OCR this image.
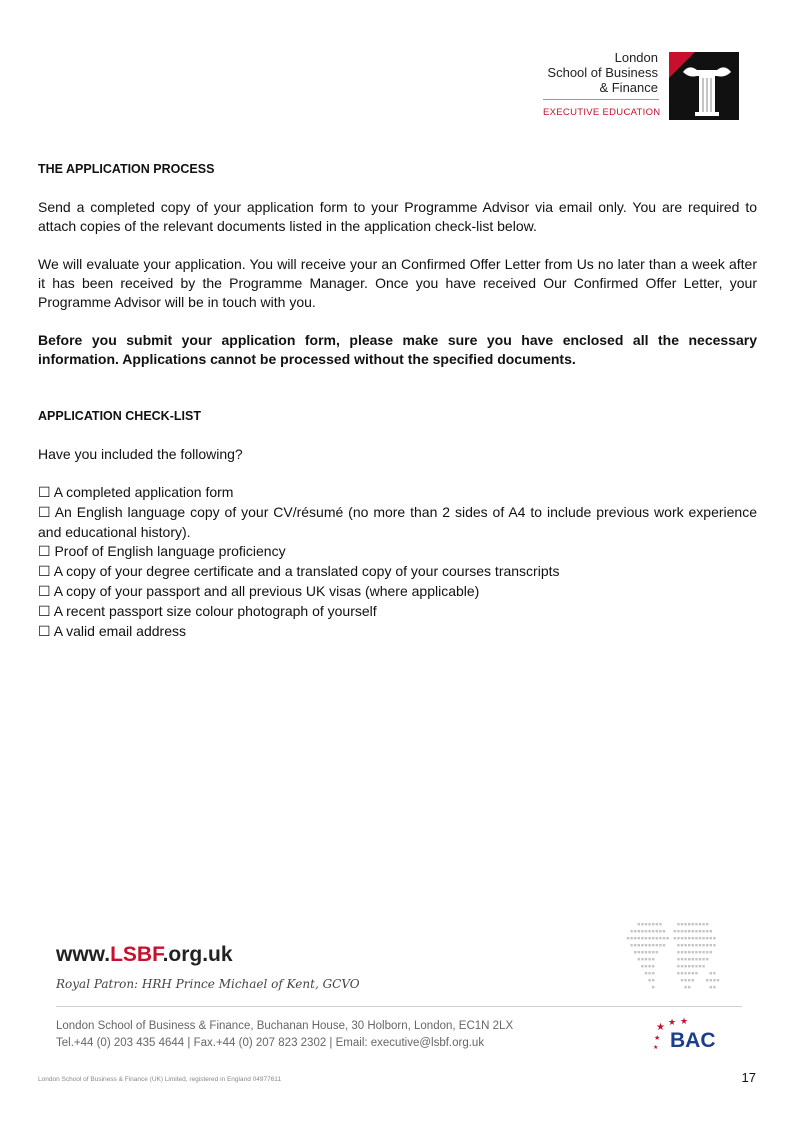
London
School of Business
& Finance
EXECUTIVE EDUCATION
THE APPLICATION PROCESS

Send a completed copy of your application form to your Programme Advisor via email only. You are required to attach copies of the relevant documents listed in the application check-list below.

We will evaluate your application. You will receive your an Confirmed Offer Letter from Us no later than a week after it has been received by the Programme Manager. Once you have received Our Confirmed Offer Letter, your Programme Advisor will be in touch with you.

Before you submit your application form, please make sure you have enclosed all the necessary information. Applications cannot be processed without the specified documents.

APPLICATION CHECK-LIST

Have you included the following?

☐ A completed application form

☐ An English language copy of your CV/résumé (no more than 2 sides of A4 to include previous work experience and educational history).

☐ Proof of English language proficiency

☐ A copy of your degree certificate and a translated copy of your courses transcripts

☐ A copy of your passport and all previous UK visas (where applicable)

☐ A recent passport size colour photograph of yourself

☐ A valid email address

www.LSBF.org.uk
Royal Patron: HRH Prince Michael of Kent, GCVO
London School of Business & Finance, Buchanan House, 30 Holborn, London, EC1N 2LX
Tel.+44 (0) 203 435 4644 | Fax.+44 (0) 207 823 2302 | Email: executive@lsbf.org.uk
London School of Business & Finance (UK) Limited, registered in England 04977611	17
★ ★ ★
★
★ BAC
